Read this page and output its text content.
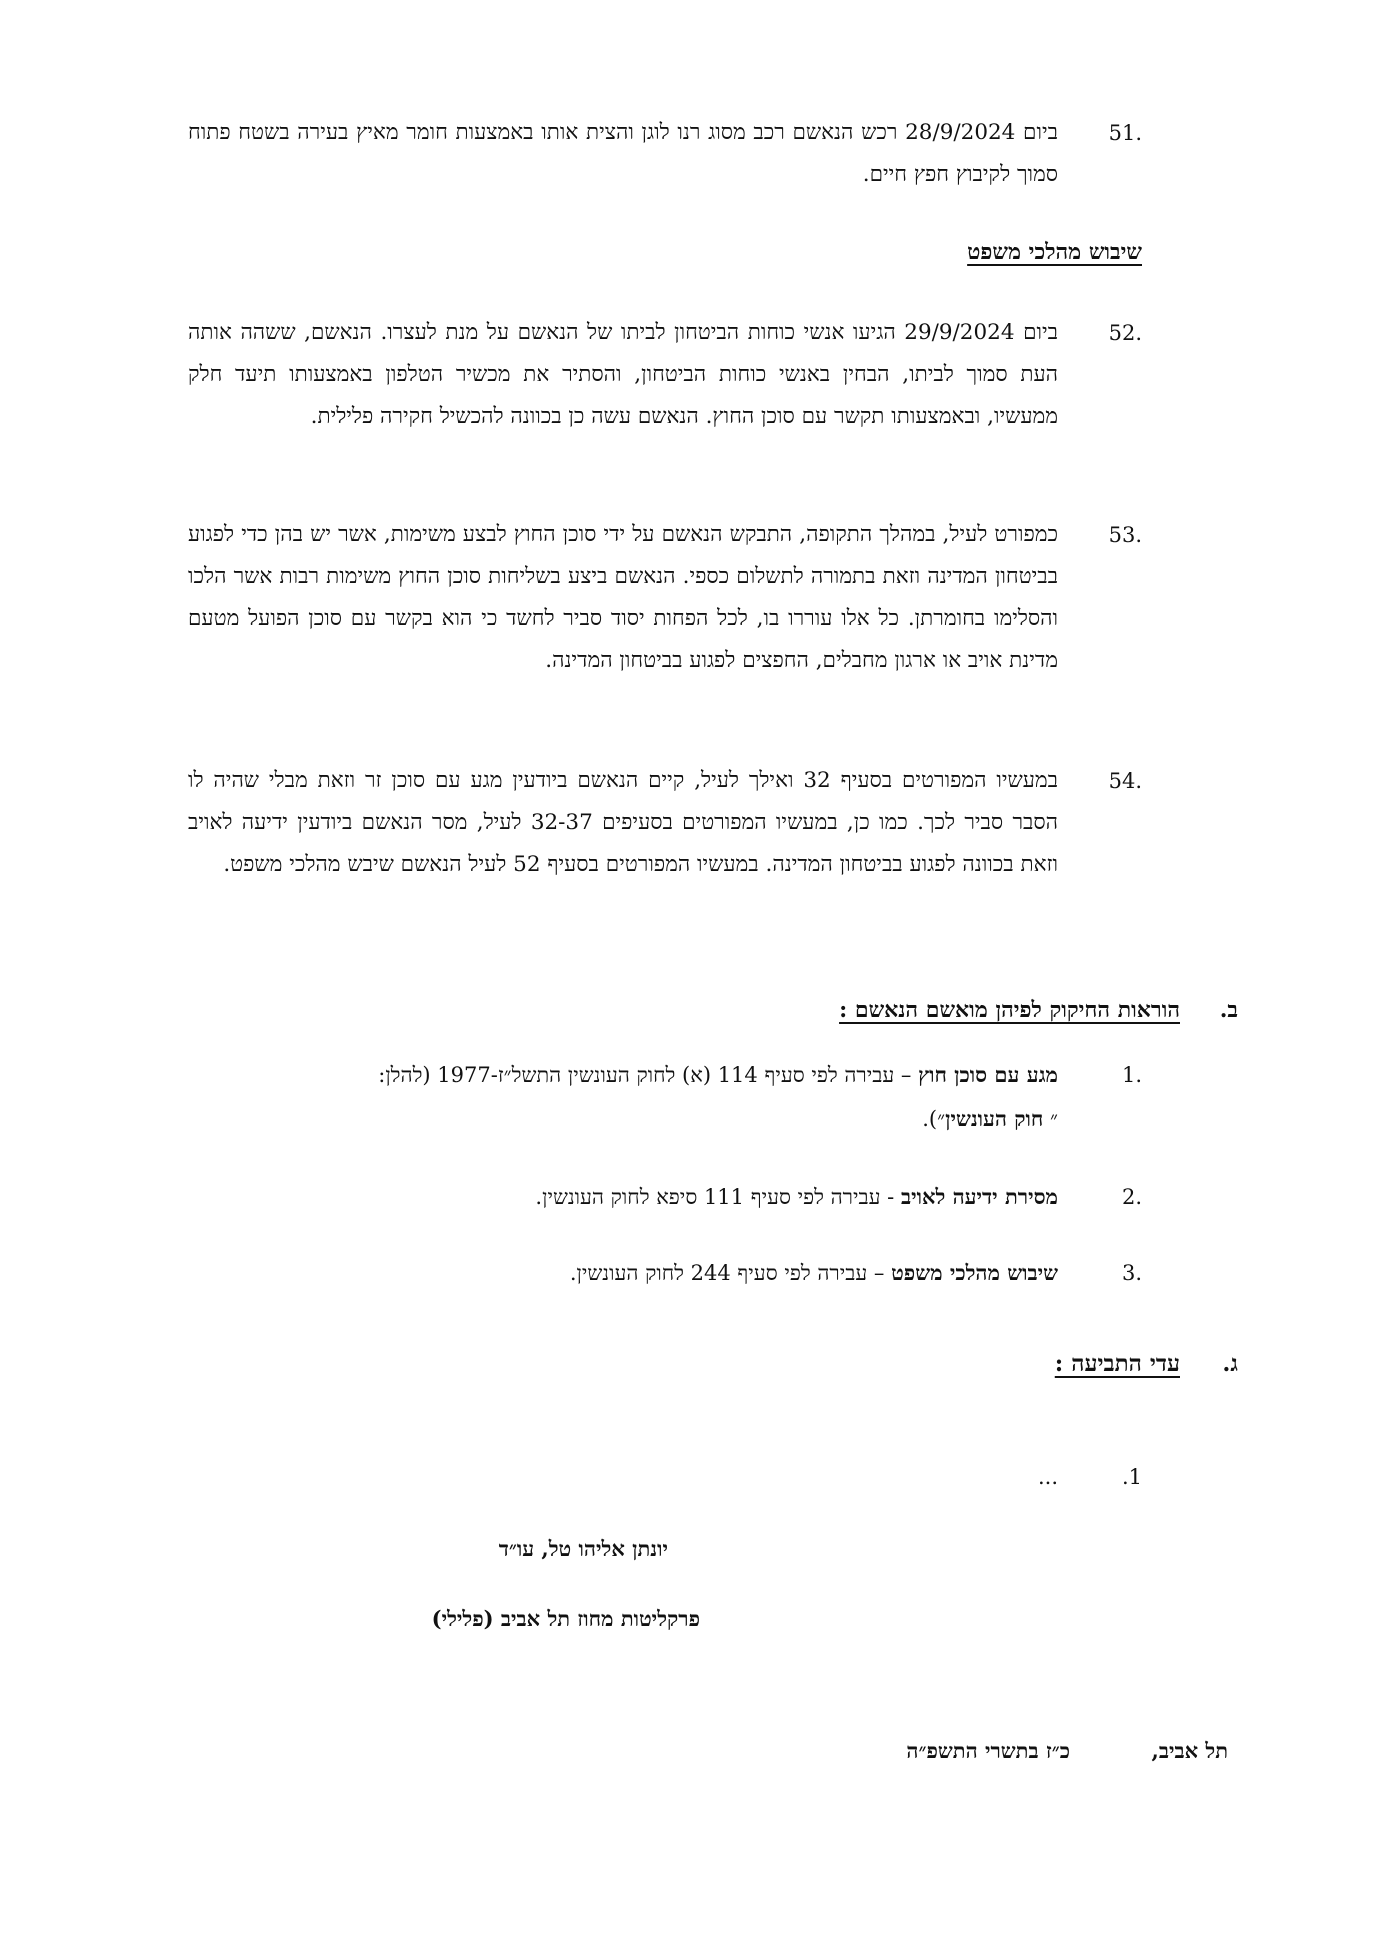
51.
ביום 28/9/2024 רכש הנאשם רכב מסוג רנו לוגן והצית אותו באמצעות חומר מאיץ בעירה בשטח פתוח סמוך לקיבוץ חפץ חיים.
שיבוש מהלכי משפט
52.
ביום 29/9/2024 הגיעו אנשי כוחות הביטחון לביתו של הנאשם על מנת לעצרו. הנאשם, ששהה אותה העת סמוך לביתו, הבחין באנשי כוחות הביטחון, והסתיר את מכשיר הטלפון באמצעותו תיעד חלק ממעשיו, ובאמצעותו תקשר עם סוכן החוץ. הנאשם עשה כן בכוונה להכשיל חקירה פלילית.
53.
כמפורט לעיל, במהלך התקופה, התבקש הנאשם על ידי סוכן החוץ לבצע משימות, אשר יש בהן כדי לפגוע בביטחון המדינה וזאת בתמורה לתשלום כספי. הנאשם ביצע בשליחות סוכן החוץ משימות רבות אשר הלכו והסלימו בחומרתן. כל אלו עוררו בו, לכל הפחות יסוד סביר לחשד כי הוא בקשר עם סוכן הפועל מטעם מדינת אויב או ארגון מחבלים, החפצים לפגוע בביטחון המדינה.
54.
במעשיו המפורטים בסעיף 32 ואילך לעיל, קיים הנאשם ביודעין מגע עם סוכן זר וזאת מבלי שהיה לו הסבר סביר לכך. כמו כן, במעשיו המפורטים בסעיפים 32-37 לעיל, מסר הנאשם ביודעין ידיעה לאויב וזאת בכוונה לפגוע בביטחון המדינה. במעשיו המפורטים בסעיף 52 לעיל הנאשם שיבש מהלכי משפט.
ב.
הוראות החיקוק לפיהן מואשם הנאשם :
1.
מגע עם סוכן חוץ – עבירה לפי סעיף 114 (א) לחוק העונשין התשל״ז-1977 (להלן:
״ חוק העונשין״).
2.
מסירת ידיעה לאויב - עבירה לפי סעיף 111 סיפא לחוק העונשין.
3.
שיבוש מהלכי משפט – עבירה לפי סעיף 244 לחוק העונשין.
ג.
עדי התביעה :
.1
...
יונתן אליהו טל, עו״ד
פרקליטות מחוז תל אביב (פלילי)
תל אביב,
כ״ז בתשרי התשפ״ה
